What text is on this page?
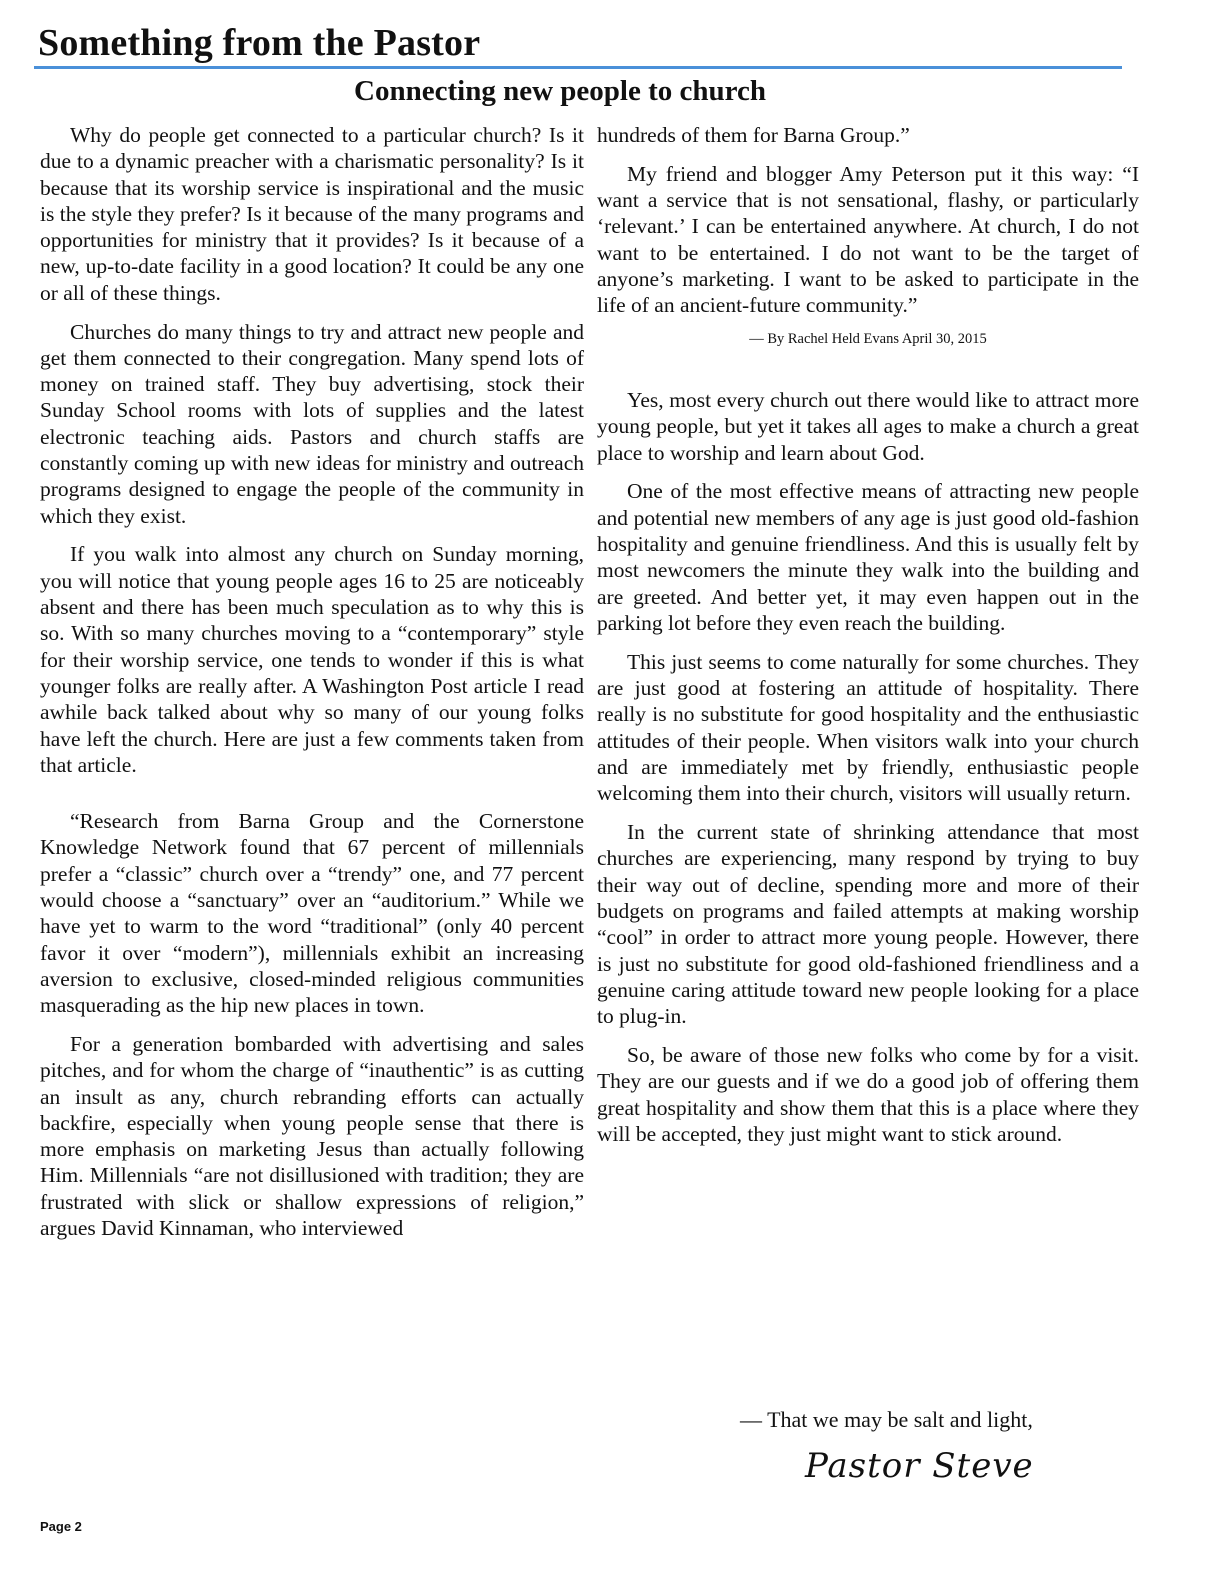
Something from the Pastor
Connecting new people to church

Why do people get connected to a particular church? Is it due to a dynamic preacher with a charismatic personality? Is it because that its worship service is inspirational and the music is the style they prefer? Is it because of the many programs and opportunities for ministry that it provides? Is it because of a new, up-to-date facility in a good location? It could be any one or all of these things.

Churches do many things to try and attract new people and get them connected to their congregation. Many spend lots of money on trained staff. They buy advertising, stock their Sunday School rooms with lots of supplies and the latest electronic teaching aids. Pastors and church staffs are constantly coming up with new ideas for ministry and outreach programs designed to engage the people of the community in which they exist.

If you walk into almost any church on Sunday morning, you will notice that young people ages 16 to 25 are noticeably absent and there has been much speculation as to why this is so. With so many churches moving to a “contemporary” style for their worship service, one tends to wonder if this is what younger folks are really after. A Washington Post article I read awhile back talked about why so many of our young folks have left the church. Here are just a few comments taken from that article.

“Research from Barna Group and the Cornerstone Knowledge Network found that 67 percent of millennials prefer a “classic” church over a “trendy” one, and 77 percent would choose a “sanctuary” over an “auditorium.” While we have yet to warm to the word “traditional” (only 40 percent favor it over “modern”), millennials exhibit an increasing aversion to exclusive, closed-minded religious communities masquerading as the hip new places in town.

For a generation bombarded with advertising and sales pitches, and for whom the charge of “inauthentic” is as cutting an insult as any, church rebranding efforts can actually backfire, especially when young people sense that there is more emphasis on marketing Jesus than actually following Him. Millennials “are not disillusioned with tradition; they are frustrated with slick or shallow expressions of religion,” argues David Kinnaman, who interviewed

hundreds of them for Barna Group.”

My friend and blogger Amy Peterson put it this way: “I want a service that is not sensational, flashy, or particularly ‘relevant.’ I can be entertained anywhere. At church, I do not want to be entertained. I do not want to be the target of anyone’s marketing. I want to be asked to participate in the life of an ancient-future community.”

— By Rachel Held Evans April 30, 2015

Yes, most every church out there would like to attract more young people, but yet it takes all ages to make a church a great place to worship and learn about God.

One of the most effective means of attracting new people and potential new members of any age is just good old-fashion hospitality and genuine friendliness. And this is usually felt by most newcomers the minute they walk into the building and are greeted. And better yet, it may even happen out in the parking lot before they even reach the building.

This just seems to come naturally for some churches. They are just good at fostering an attitude of hospitality. There really is no substitute for good hospitality and the enthusiastic attitudes of their people. When visitors walk into your church and are immediately met by friendly, enthusiastic people welcoming them into their church, visitors will usually return.

In the current state of shrinking attendance that most churches are experiencing, many respond by trying to buy their way out of decline, spending more and more of their budgets on programs and failed attempts at making worship “cool” in order to attract more young people. However, there is just no substitute for good old-fashioned friendliness and a genuine caring attitude toward new people looking for a place to plug-in.

So, be aware of those new folks who come by for a visit. They are our guests and if we do a good job of offering them great hospitality and show them that this is a place where they will be accepted, they just might want to stick around.

— That we may be salt and light,
Pastor Steve
Page 2
